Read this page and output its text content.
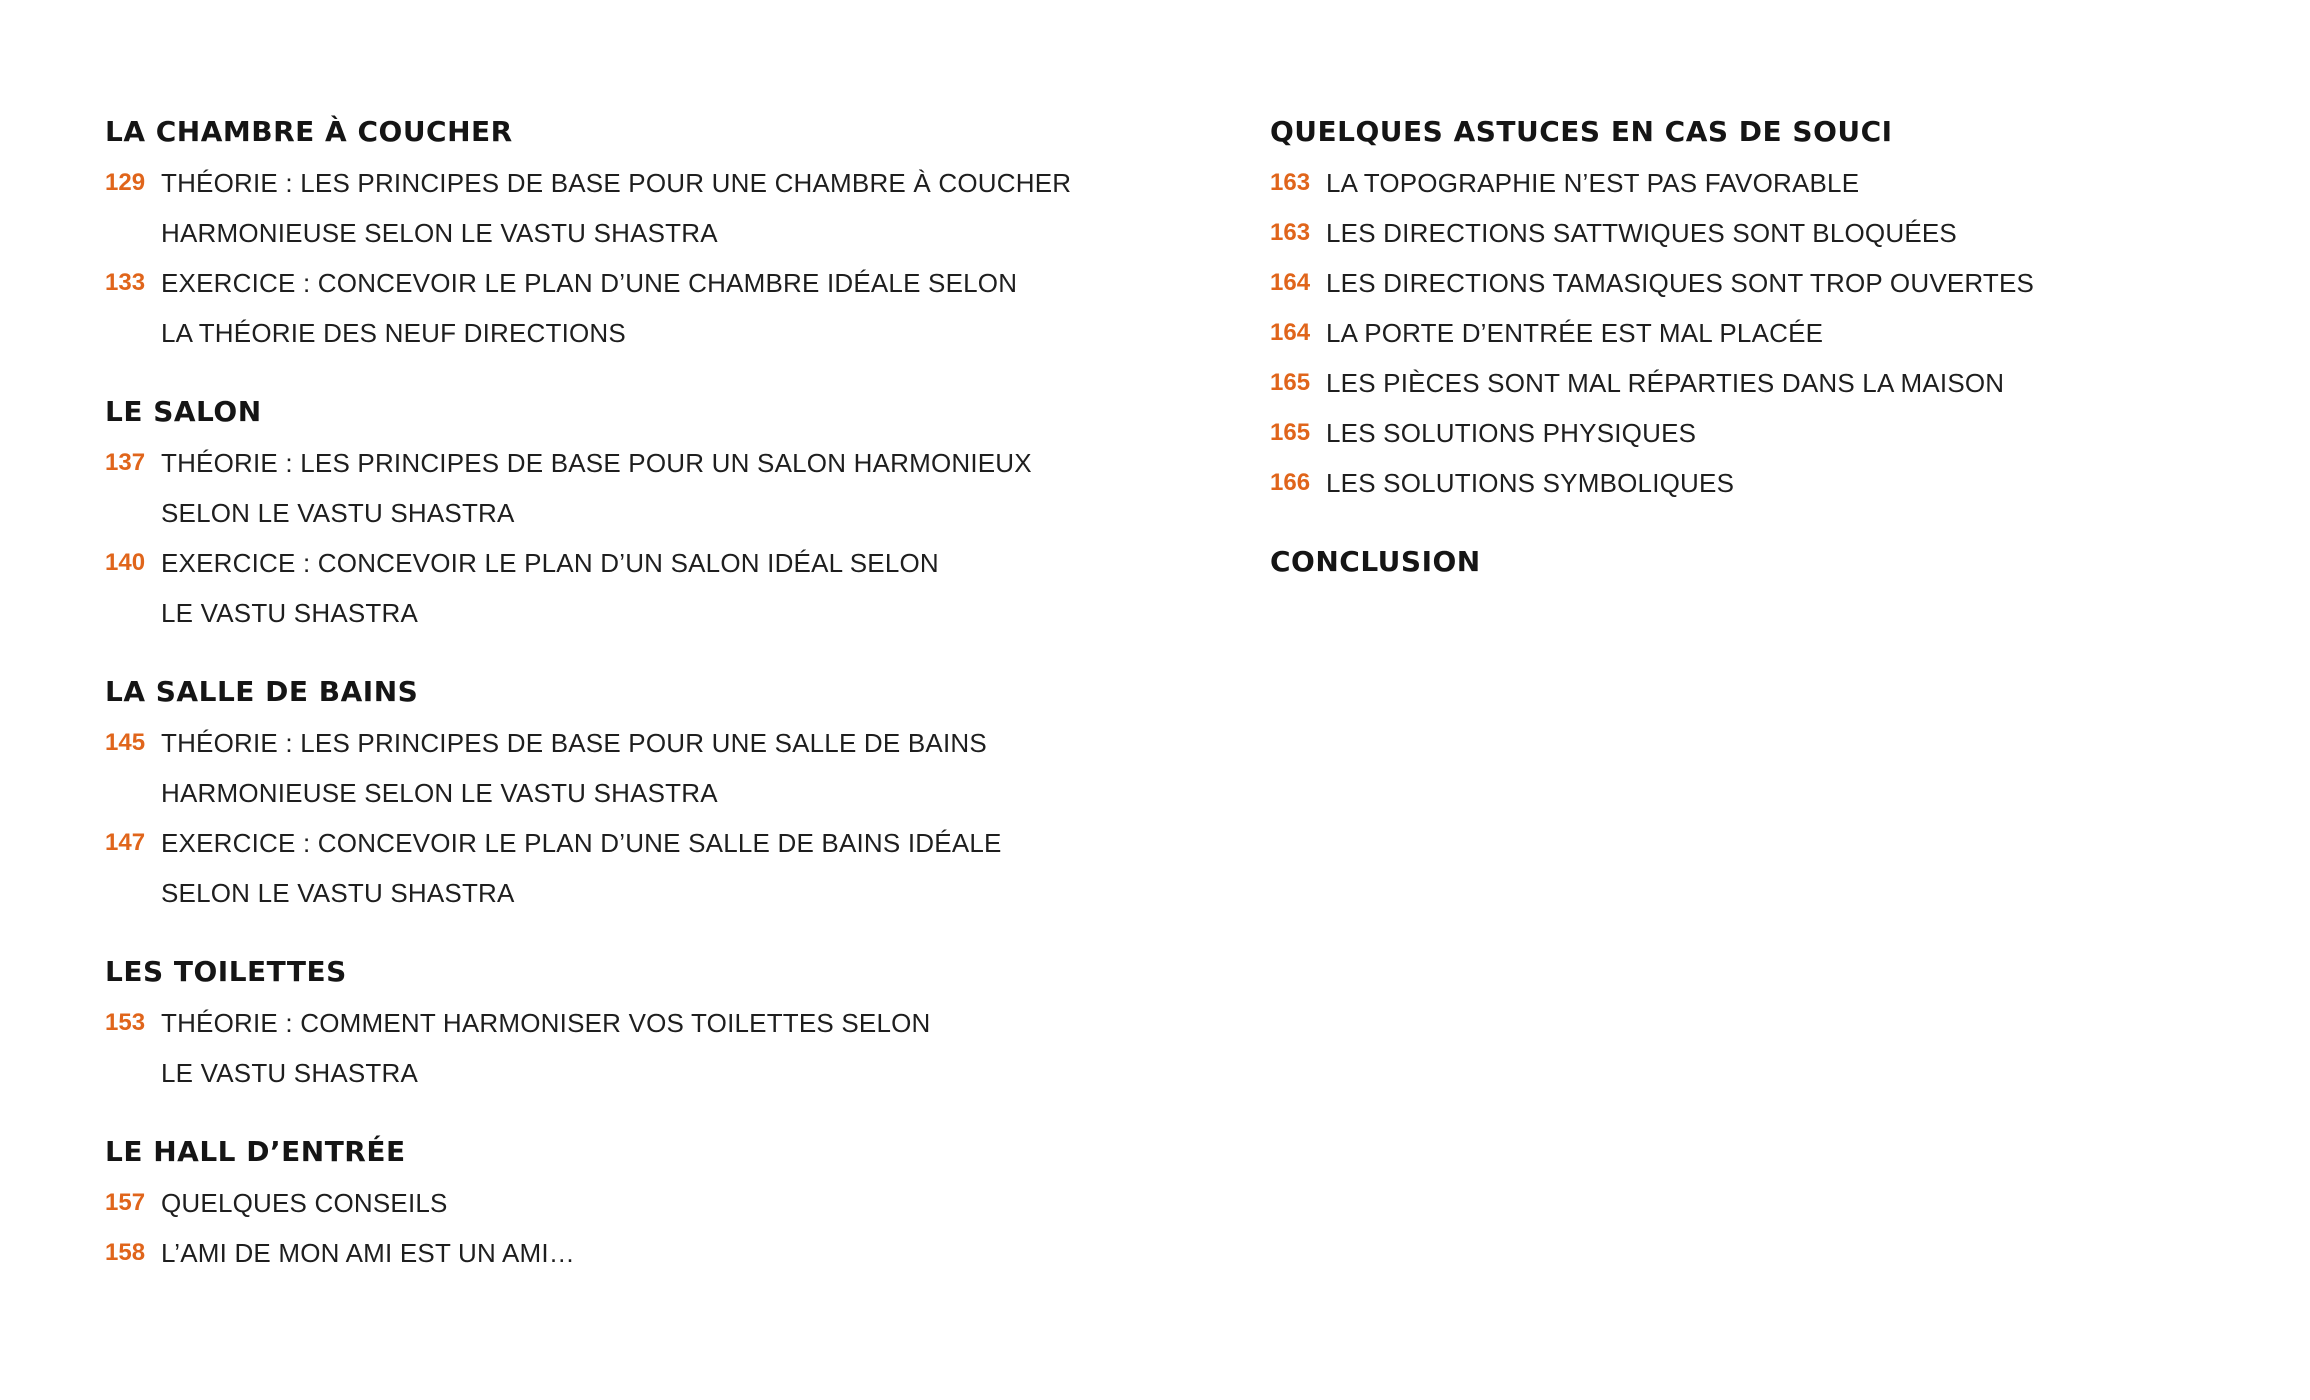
LA CHAMBRE À COUCHER
129 THÉORIE : LES PRINCIPES DE BASE POUR UNE CHAMBRE À COUCHER
HARMONIEUSE SELON LE VASTU SHASTRA
133 EXERCICE : CONCEVOIR LE PLAN D’UNE CHAMBRE IDÉALE SELON
LA THÉORIE DES NEUF DIRECTIONS
LE SALON
137 THÉORIE : LES PRINCIPES DE BASE POUR UN SALON HARMONIEUX
SELON LE VASTU SHASTRA
140 EXERCICE : CONCEVOIR LE PLAN D’UN SALON IDÉAL SELON
LE VASTU SHASTRA
LA SALLE DE BAINS
145 THÉORIE : LES PRINCIPES DE BASE POUR UNE SALLE DE BAINS
HARMONIEUSE SELON LE VASTU SHASTRA
147 EXERCICE : CONCEVOIR LE PLAN D’UNE SALLE DE BAINS IDÉALE
SELON LE VASTU SHASTRA
LES TOILETTES
153 THÉORIE : COMMENT HARMONISER VOS TOILETTES SELON
LE VASTU SHASTRA
LE HALL D’ENTRÉE
157 QUELQUES CONSEILS
158 L’AMI DE MON AMI EST UN AMI…
QUELQUES ASTUCES EN CAS DE SOUCI
163 LA TOPOGRAPHIE N’EST PAS FAVORABLE
163 LES DIRECTIONS SATTWIQUES SONT BLOQUÉES
164 LES DIRECTIONS TAMASIQUES SONT TROP OUVERTES
164 LA PORTE D’ENTRÉE EST MAL PLACÉE
165 LES PIÈCES SONT MAL RÉPARTIES DANS LA MAISON
165 LES SOLUTIONS PHYSIQUES
166 LES SOLUTIONS SYMBOLIQUES
CONCLUSION
